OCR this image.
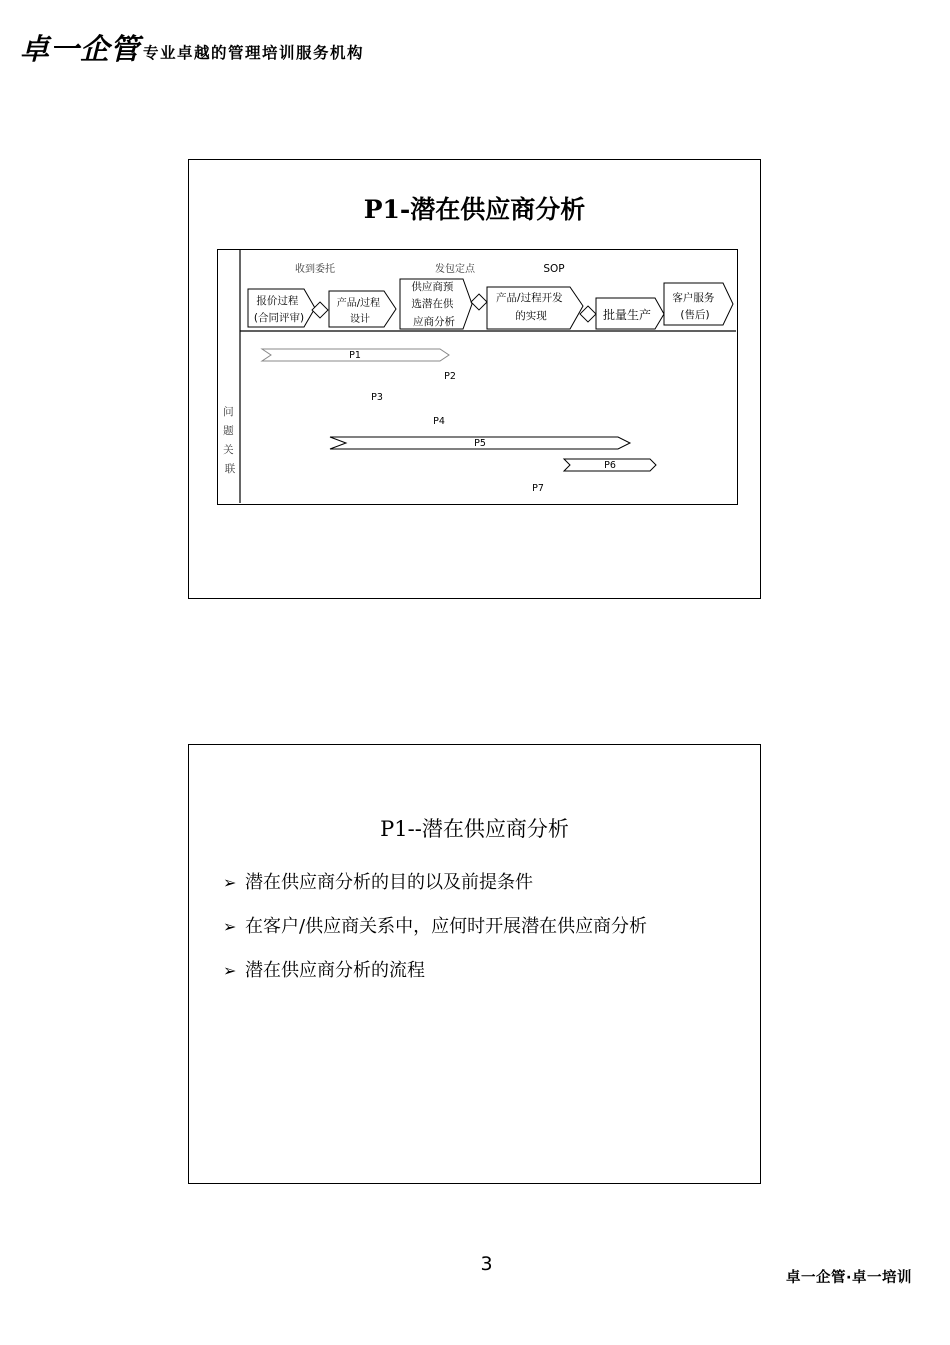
卓一企管 专业卓越的管理培训服务机构
P1-潜在供应商分析
收到委托	发包定点	SOP
报价过程 (合同评审)
产品/过程 设计
供应商预 选潜在供 应商分析
产品/过程开发 的实现	批量生产
客户服务 (售后)
问 题 关 联
P1
P2
P3
P4
P5
P6
P7
P1--潜在供应商分析
➢ 潜在供应商分析的目的以及前提条件
➢ 在客户/供应商关系中，应何时开展潜在供应商分析
➢ 潜在供应商分析的流程
3
卓一企管·卓一培训
